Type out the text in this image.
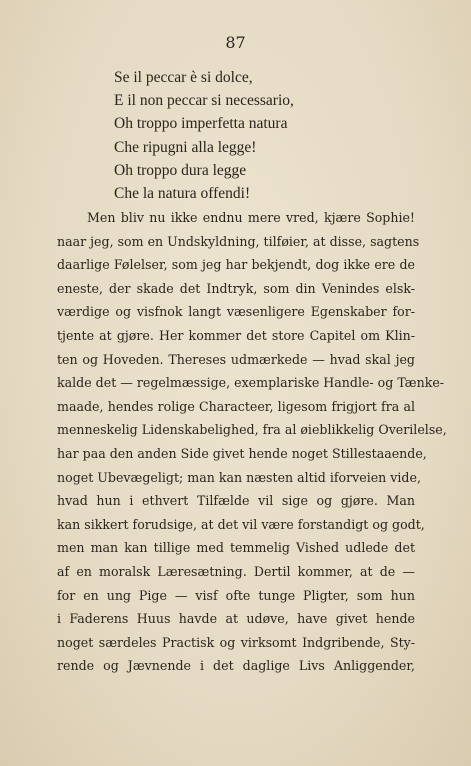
87
Se il peccar è si dolce,
E il non peccar si necessario,
Oh troppo imperfetta natura
Che ripugni alla legge!
Oh troppo dura legge
Che la natura offendi!
Men bliv nu ikke endnu mere vred, kjære Sophie!
naar jeg, som en Undskyldning, tilføier, at disse, sagtens
daarlige Følelser, som jeg har bekjendt, dog ikke ere de
eneste, der skade det Indtryk, som din Venindes elsk-
værdige og visfnok langt væsenligere Egenskaber for-
tjente at gjøre. Her kommer det store Capitel om Klin-
ten og Hoveden. Thereses udmærkede — hvad skal jeg
kalde det — regelmæssige, exemplariske Handle- og Tænke-
maade, hendes rolige Characteer, ligesom frigjort fra al
menneskelig Lidenskabelighed, fra al øieblikkelig Overilelse,
har paa den anden Side givet hende noget Stillestaaende,
noget Ubevægeligt; man kan næsten altid iforveien vide,
hvad hun i ethvert Tilfælde vil sige og gjøre. Man
kan sikkert forudsige, at det vil være forstandigt og godt,
men man kan tillige med temmelig Vished udlede det
af en moralsk Læresætning. Dertil kommer, at de —
for en ung Pige — visf ofte tunge Pligter, som hun
i Faderens Huus havde at udøve, have givet hende
noget særdeles Practisk og virksomt Indgribende, Sty-
rende og Jævnende i det daglige Livs Anliggender,
